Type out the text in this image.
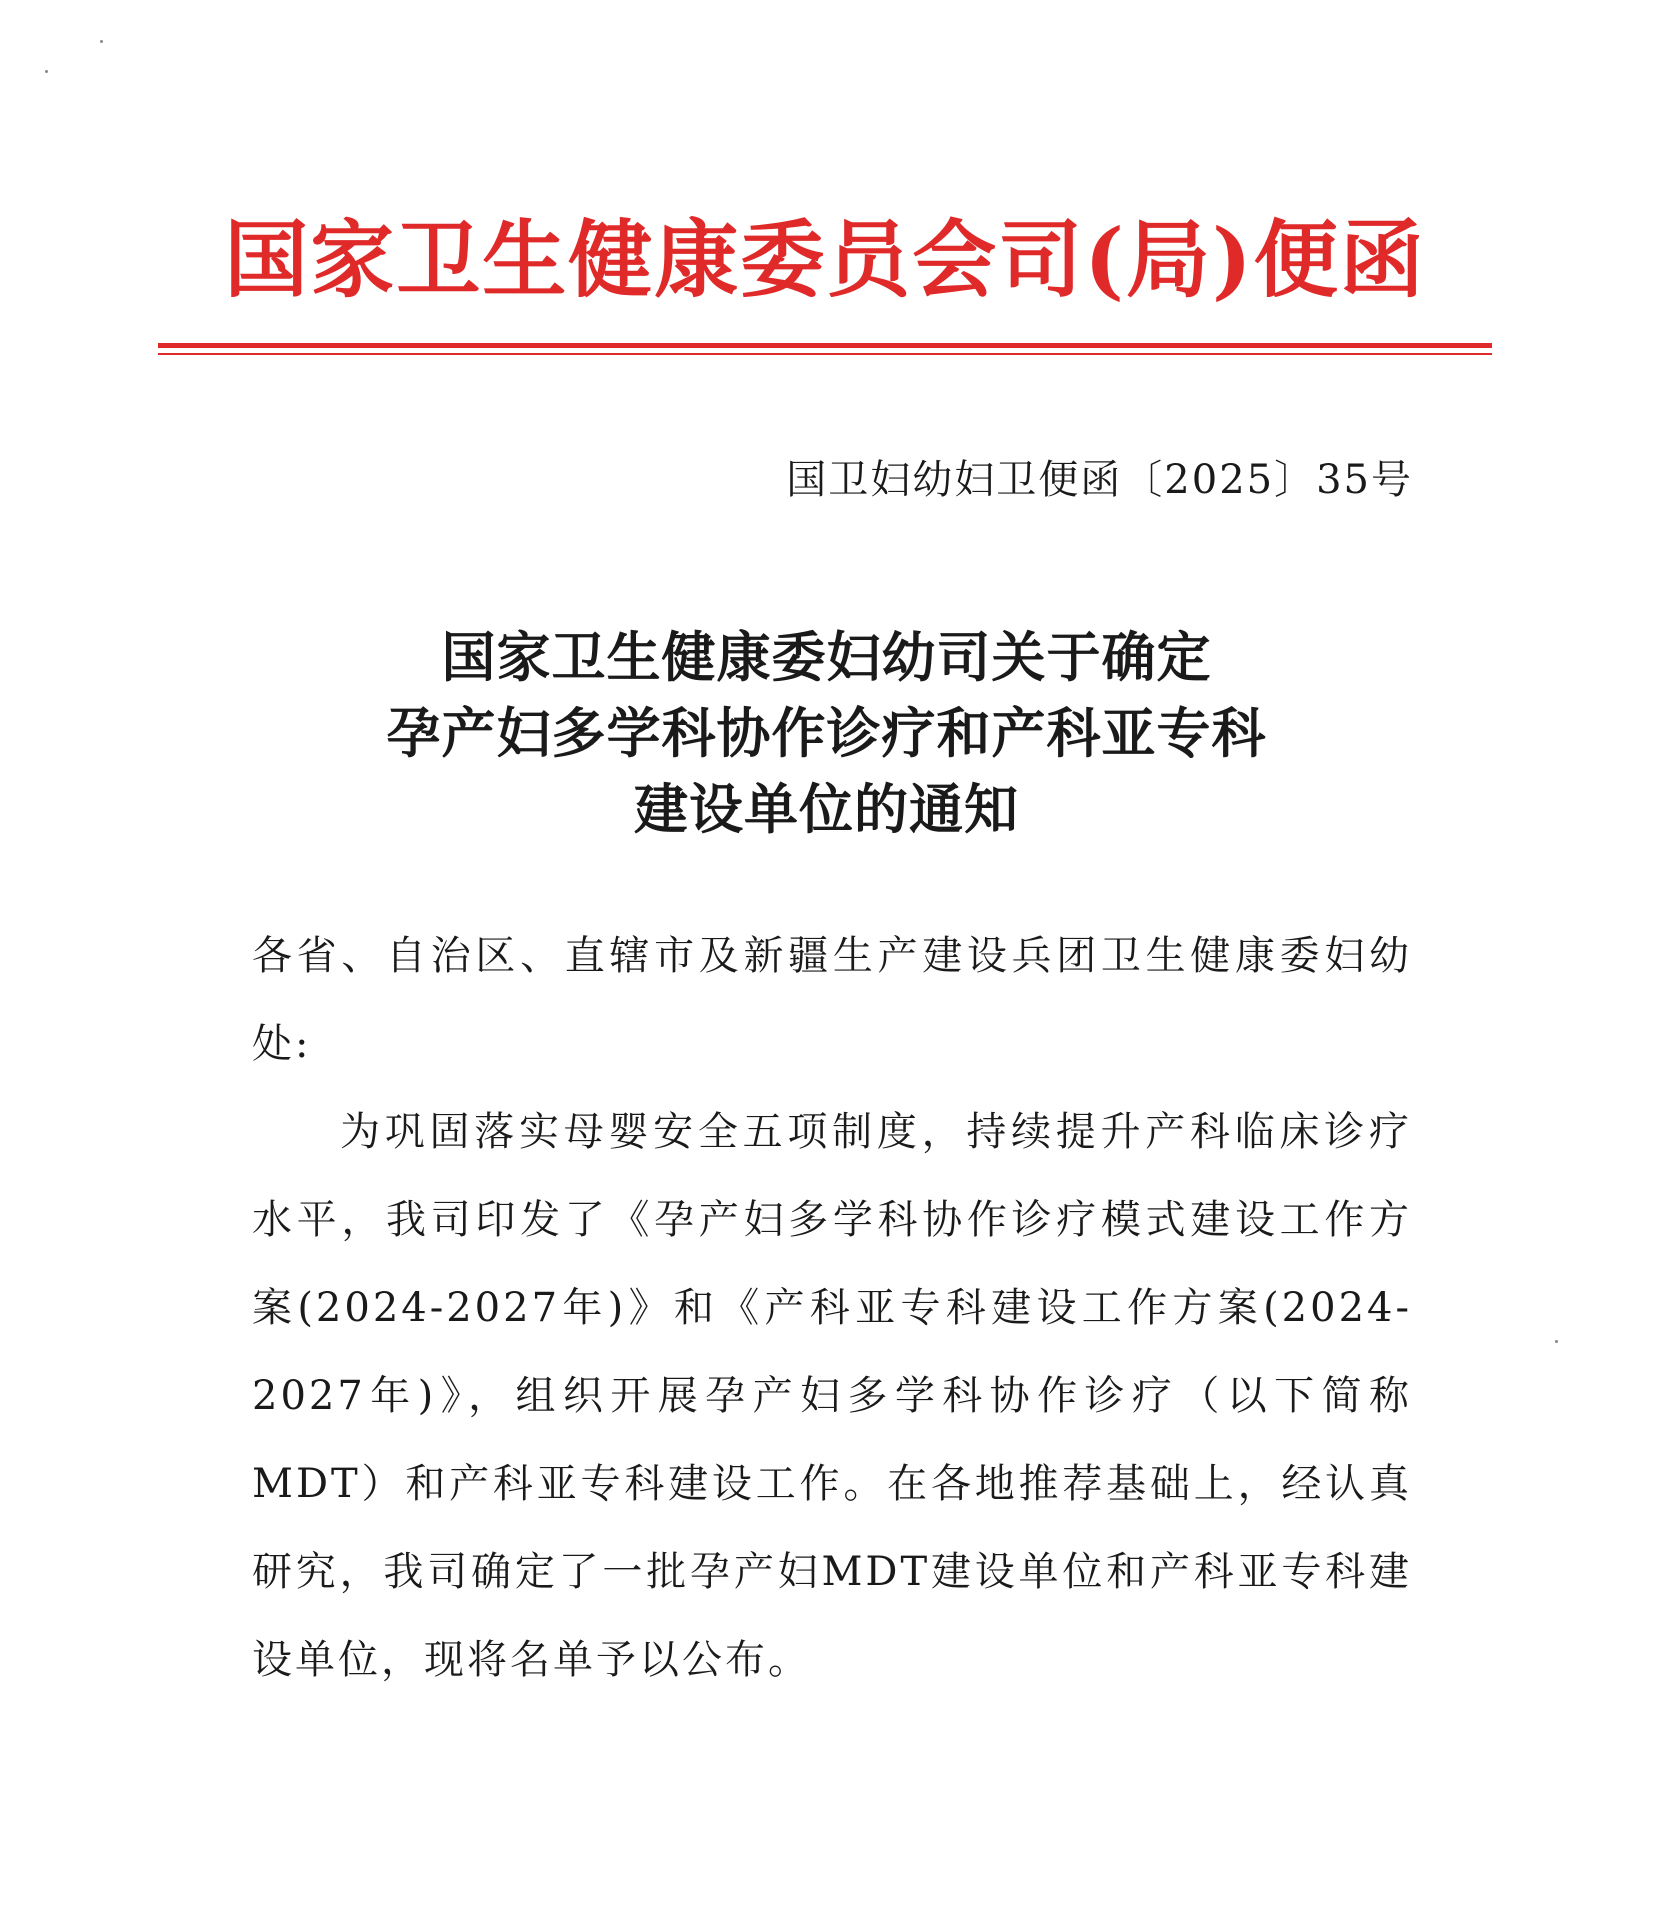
国家卫生健康委员会司(局)便函
国卫妇幼妇卫便函〔2025〕35号
国家卫生健康委妇幼司关于确定
孕产妇多学科协作诊疗和产科亚专科
建设单位的通知

各省、自治区、直辖市及新疆生产建设兵团卫生健康委妇幼处:

为巩固落实母婴安全五项制度，持续提升产科临床诊疗水平，我司印发了《孕产妇多学科协作诊疗模式建设工作方案(2024-2027年)》和《产科亚专科建设工作方案(2024-2027年)》，组织开展孕产妇多学科协作诊疗（以下简称MDT）和产科亚专科建设工作。在各地推荐基础上，经认真研究，我司确定了一批孕产妇MDT建设单位和产科亚专科建设单位，现将名单予以公布。
